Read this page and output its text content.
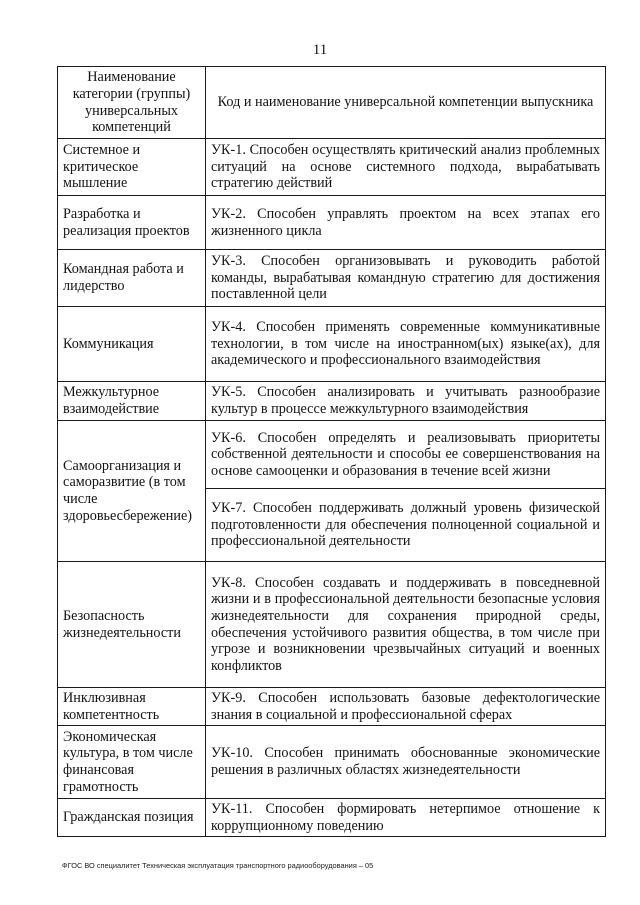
11
Наименование категории (группы) универсальных компетенций	Код и наименование универсальной компетенции выпускника
Системное и критическое мышление	УК-1. Способен осуществлять критический анализ проблемных ситуаций на основе системного подхода, вырабатывать стратегию действий
Разработка и реализация проектов	УК-2. Способен управлять проектом на всех этапах его жизненного цикла
Командная работа и лидерство	УК-3. Способен организовывать и руководить работой команды, вырабатывая командную стратегию для достижения поставленной цели
Коммуникация	УК-4. Способен применять современные коммуникативные технологии, в том числе на иностранном(ых) языке(ах), для академического и профессионального взаимодействия
Межкультурное взаимодействие	УК-5. Способен анализировать и учитывать разнообразие культур в процессе межкультурного взаимодействия
Самоорганизация и саморазвитие (в том числе здоровьесбережение)	УК-6. Способен определять и реализовывать приоритеты собственной деятельности и способы ее совершенствования на основе самооценки и образования в течение всей жизни
	УК-7. Способен поддерживать должный уровень физической подготовленности для обеспечения полноценной социальной и профессиональной деятельности
Безопасность жизнедеятельности	УК-8. Способен создавать и поддерживать в повседневной жизни и в профессиональной деятельности безопасные условия жизнедеятельности для сохранения природной среды, обеспечения устойчивого развития общества, в том числе при угрозе и возникновении чрезвычайных ситуаций и военных конфликтов
Инклюзивная компетентность	УК-9. Способен использовать базовые дефектологические знания в социальной и профессиональной сферах
Экономическая культура, в том числе финансовая грамотность	УК-10. Способен принимать обоснованные экономические решения в различных областях жизнедеятельности
Гражданская позиция	УК-11. Способен формировать нетерпимое отношение к коррупционному поведению
ФГОС ВО специалитет Техническая эксплуатация транспортного радиооборудования – 05
